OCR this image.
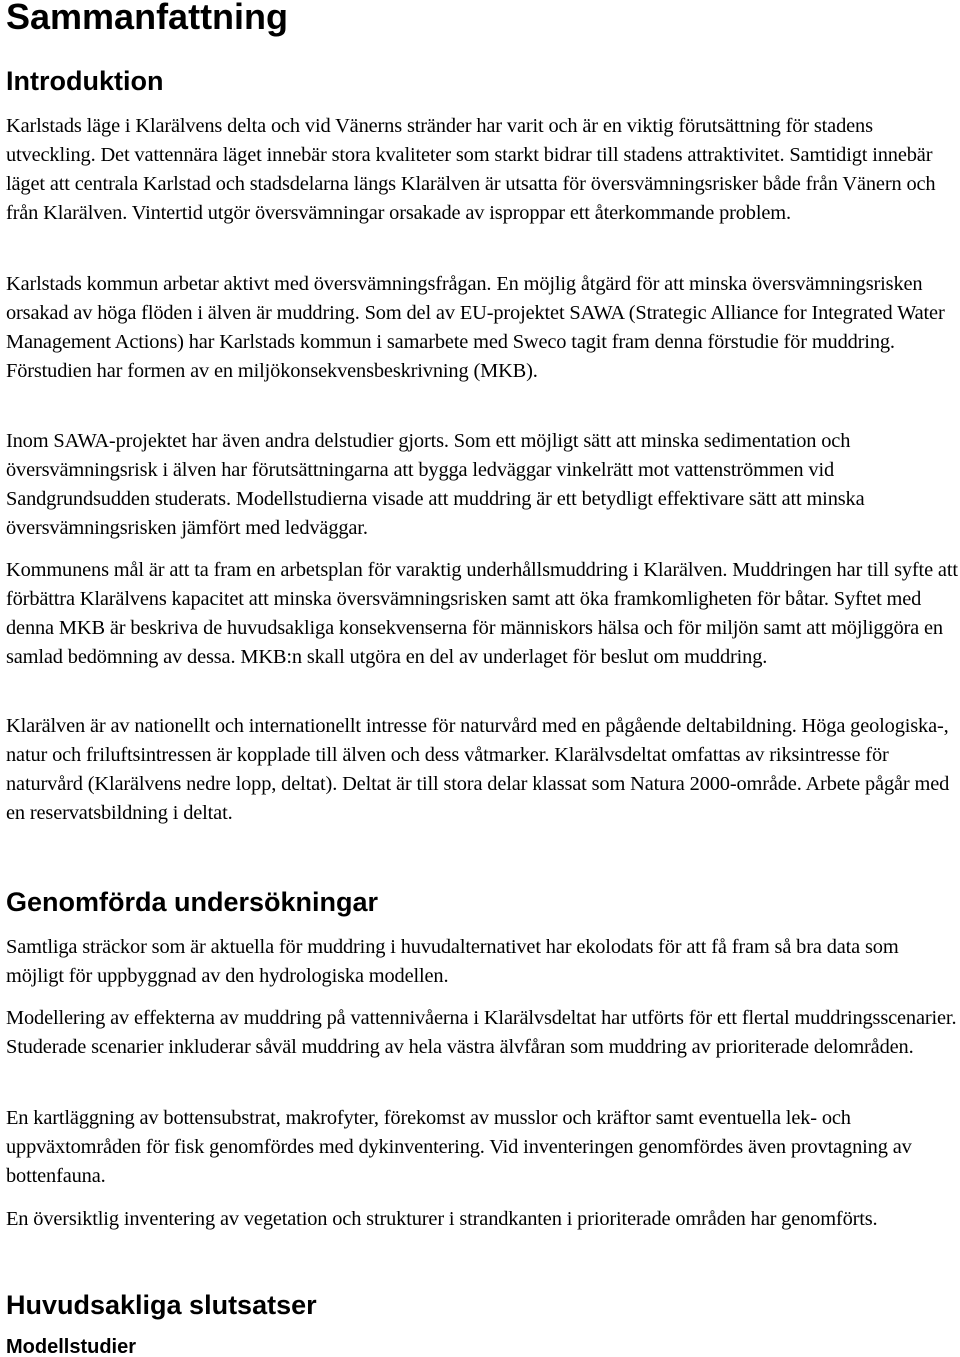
Sammanfattning
Introduktion

Karlstads läge i Klarälvens delta och vid Vänerns stränder har varit och är en viktig förutsättning för stadens utveckling. Det vattennära läget innebär stora kvaliteter som starkt bidrar till stadens attraktivitet. Samtidigt innebär läget att centrala Karlstad och stadsdelarna längs Klarälven är utsatta för översvämningsrisker både från Vänern och från Klarälven. Vintertid utgör översvämningar orsakade av isproppar ett återkommande problem.

Karlstads kommun arbetar aktivt med översvämningsfrågan. En möjlig åtgärd för att minska översvämningsrisken orsakad av höga flöden i älven är muddring. Som del av EU-projektet SAWA (Strategic Alliance for Integrated Water Management Actions) har Karlstads kommun i samarbete med Sweco tagit fram denna förstudie för muddring. Förstudien har formen av en miljökonsekvensbeskrivning (MKB).

Inom SAWA-projektet har även andra delstudier gjorts. Som ett möjligt sätt att minska sedimentation och översvämningsrisk i älven har förutsättningarna att bygga ledväggar vinkelrätt mot vattenströmmen vid Sandgrundsudden studerats. Modellstudierna visade att muddring är ett betydligt effektivare sätt att minska översvämningsrisken jämfört med ledväggar.

Kommunens mål är att ta fram en arbetsplan för varaktig underhållsmuddring i Klarälven. Muddringen har till syfte att förbättra Klarälvens kapacitet att minska översvämningsrisken samt att öka framkomligheten för båtar. Syftet med denna MKB är beskriva de huvudsakliga konsekvenserna för människors hälsa och för miljön samt att möjliggöra en samlad bedömning av dessa. MKB:n skall utgöra en del av underlaget för beslut om muddring.

Klarälven är av nationellt och internationellt intresse för naturvård med en pågående deltabildning. Höga geologiska-, natur och friluftsintressen är kopplade till älven och dess våtmarker. Klarälvsdeltat omfattas av riksintresse för naturvård (Klarälvens nedre lopp, deltat). Deltat är till stora delar klassat som Natura 2000-område. Arbete pågår med en reservatsbildning i deltat.

Genomförda undersökningar

Samtliga sträckor som är aktuella för muddring i huvudalternativet har ekolodats för att få fram så bra data som möjligt för uppbyggnad av den hydrologiska modellen.

Modellering av effekterna av muddring på vattennivåerna i Klarälvsdeltat har utförts för ett flertal muddringsscenarier. Studerade scenarier inkluderar såväl muddring av hela västra älvfåran som muddring av prioriterade delområden.

En kartläggning av bottensubstrat, makrofyter, förekomst av musslor och kräftor samt eventuella lek- och uppväxtområden för fisk genomfördes med dykinventering. Vid inventeringen genomfördes även provtagning av bottenfauna.

En översiktlig inventering av vegetation och strukturer i strandkanten i prioriterade områden har genomförts.

Huvudsakliga slutsatser
Modellstudier
